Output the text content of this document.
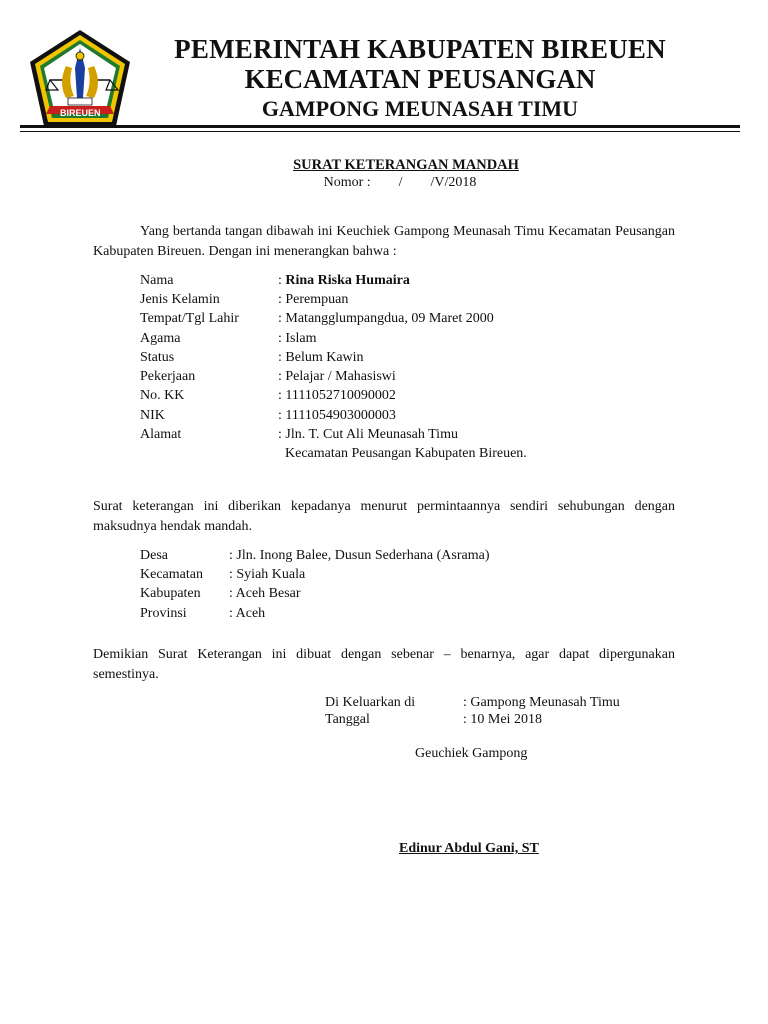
BIREUEN
PEMERINTAH KABUPATEN BIREUEN
KECAMATAN PEUSANGAN
GAMPONG MEUNASAH TIMU
SURAT KETERANGAN MANDAH
Nomor :        /        /V/2018
Yang bertanda tangan dibawah ini Keuchiek Gampong Meunasah Timu Kecamatan Peusangan Kabupaten Bireuen. Dengan ini menerangkan bahwa :
Nama	: Rina Riska Humaira
Jenis Kelamin	: Perempuan
Tempat/Tgl Lahir	: Matangglumpangdua, 09 Maret 2000
Agama	: Islam
Status	: Belum Kawin
Pekerjaan	: Pelajar / Mahasiswi
No. KK	: 1111052710090002
NIK	: 1111054903000003
Alamat	: Jln. T. Cut Ali Meunasah Timu
Kecamatan Peusangan Kabupaten Bireuen.
Surat keterangan ini diberikan kepadanya menurut permintaannya sendiri sehubungan dengan maksudnya hendak mandah.
Desa	: Jln. Inong Balee, Dusun Sederhana (Asrama)
Kecamatan : Syiah Kuala
Kabupaten : Aceh Besar
Provinsi	: Aceh
Demikian Surat Keterangan ini dibuat dengan sebenar – benarnya, agar dapat dipergunakan semestinya.
Di Keluarkan di	: Gampong Meunasah Timu
Tanggal	: 10 Mei 2018
Geuchiek Gampong
Edinur Abdul Gani, ST
